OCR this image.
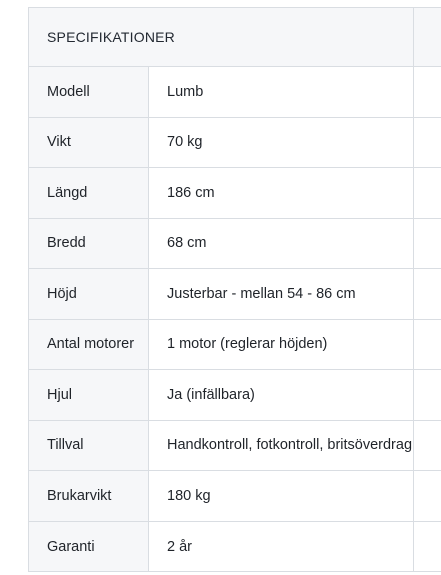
SPECIFIKATIONER
Modell	Lumb
Vikt	70 kg
Längd	186 cm
Bredd	68 cm
Höjd	Justerbar - mellan 54 - 86 cm
Antal motorer	1 motor (reglerar höjden)
Hjul	Ja (infällbara)
Tillval	Handkontroll, fotkontroll, britsöverdrag
Brukarvikt	180 kg
Garanti	2 år
